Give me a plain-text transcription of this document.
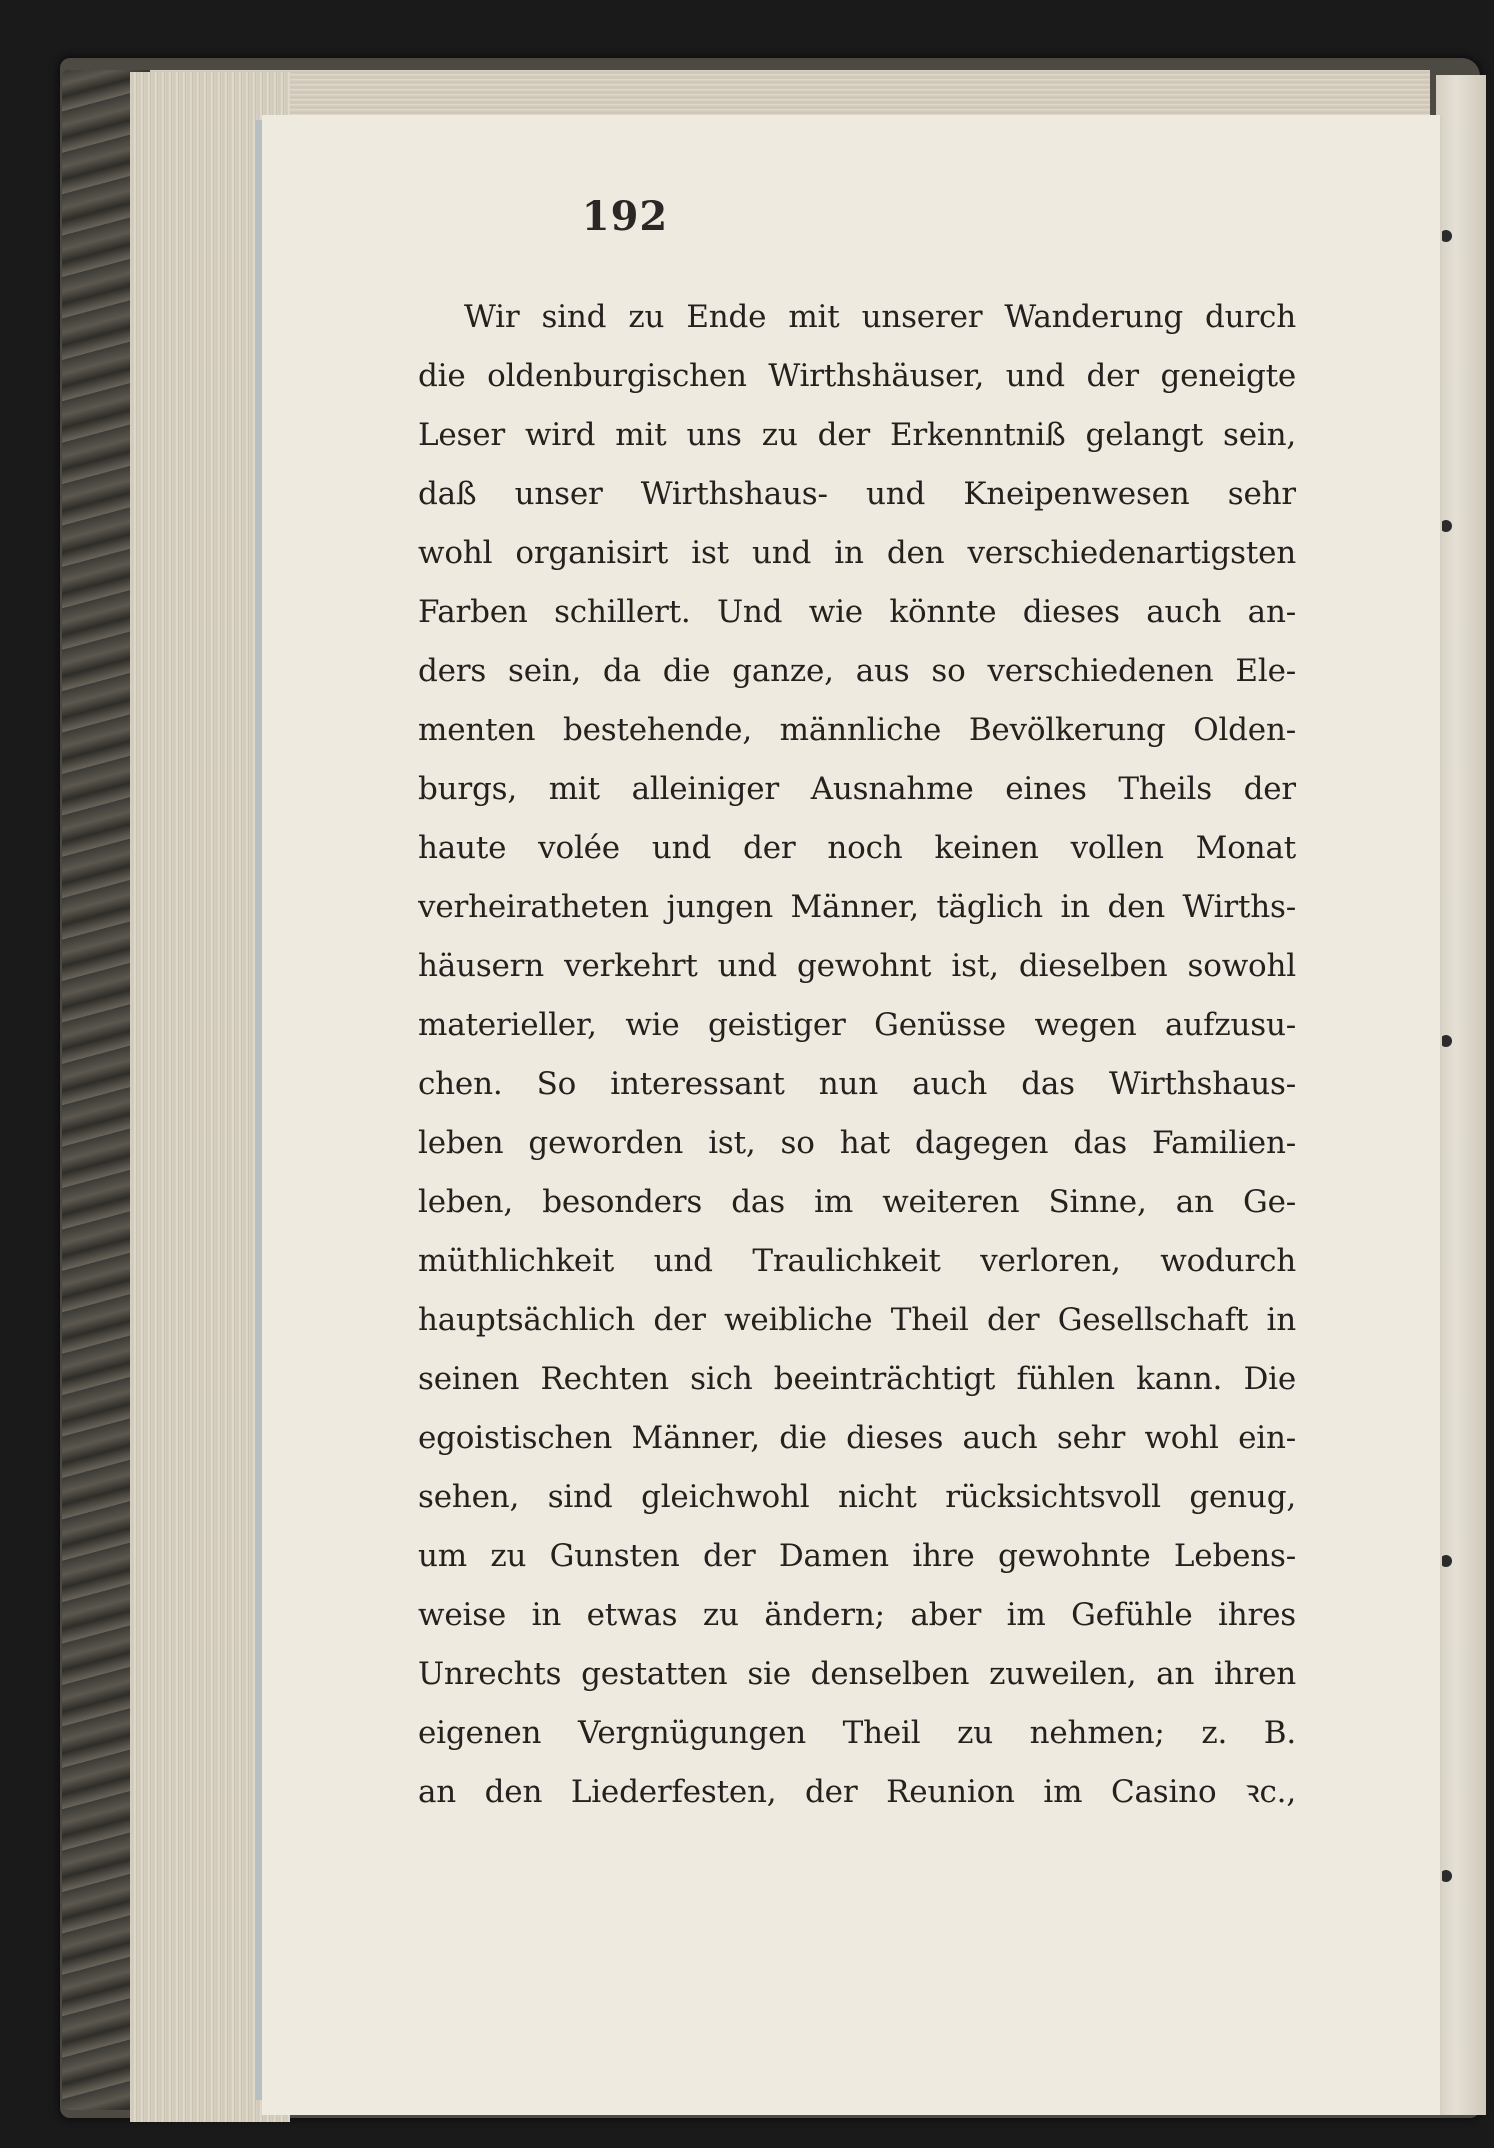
192
Wir sind zu Ende mit unserer Wanderung durch
die oldenburgischen Wirthshäuser, und der geneigte
Leser wird mit uns zu der Erkenntniß gelangt sein,
daß unser Wirthshaus- und Kneipenwesen sehr
wohl organisirt ist und in den verschiedenartigsten
Farben schillert. Und wie könnte dieses auch an-
ders sein, da die ganze, aus so verschiedenen Ele-
menten bestehende, männliche Bevölkerung Olden-
burgs, mit alleiniger Ausnahme eines Theils der
haute volée und der noch keinen vollen Monat
verheiratheten jungen Männer, täglich in den Wirths-
häusern verkehrt und gewohnt ist, dieselben sowohl
materieller, wie geistiger Genüsse wegen aufzusu-
chen. So interessant nun auch das Wirthshaus-
leben geworden ist, so hat dagegen das Familien-
leben, besonders das im weiteren Sinne, an Ge-
müthlichkeit und Traulichkeit verloren, wodurch
hauptsächlich der weibliche Theil der Gesellschaft in
seinen Rechten sich beeinträchtigt fühlen kann. Die
egoistischen Männer, die dieses auch sehr wohl ein-
sehen, sind gleichwohl nicht rücksichtsvoll genug,
um zu Gunsten der Damen ihre gewohnte Lebens-
weise in etwas zu ändern; aber im Gefühle ihres
Unrechts gestatten sie denselben zuweilen, an ihren
eigenen Vergnügungen Theil zu nehmen; z. B.
an den Liederfesten, der Reunion im Casino ꝛc.,
